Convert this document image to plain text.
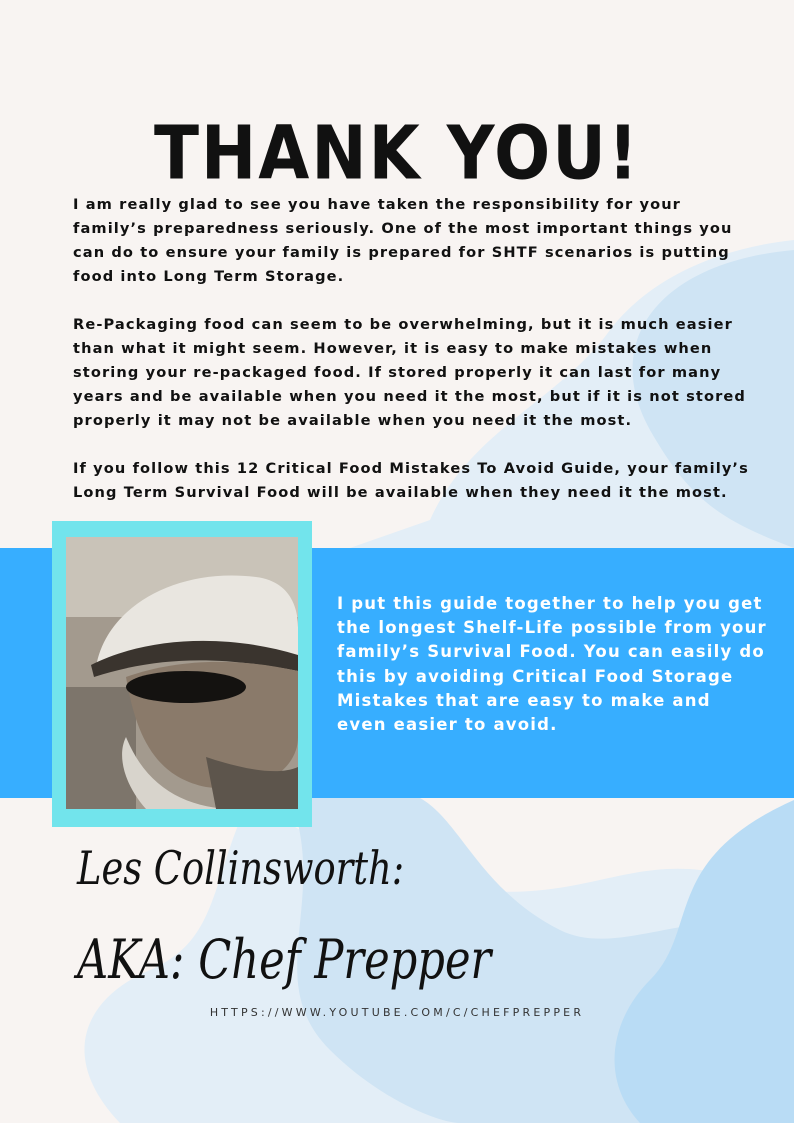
THANK YOU!

I am really glad to see you have taken the responsibility for your family’s preparedness seriously. One of the most important things you can do to ensure your family is prepared for SHTF scenarios is putting food into Long Term Storage.

Re-Packaging food can seem to be overwhelming, but it is much easier than what it might seem. However, it is easy to make mistakes when storing your re-packaged food. If stored properly it can last for many years and be available when you need it the most, but if it is not stored properly it may not be available when you need it the most.

If you follow this 12 Critical Food Mistakes To Avoid Guide, your family’s Long Term Survival Food will be available when they need it the most.

I put this guide together to help you get the longest Shelf-Life possible from your family’s Survival Food. You can easily do this by avoiding Critical Food Storage Mistakes that are easy to make and even easier to avoid.

Les Collinsworth:
AKA: Chef Prepper
HTTPS://WWW.YOUTUBE.COM/C/CHEFPREPPER
